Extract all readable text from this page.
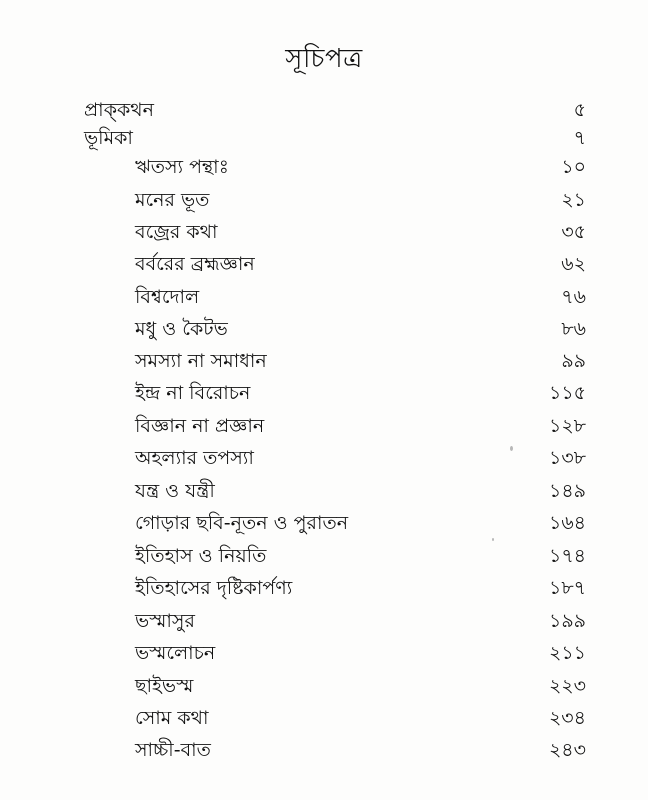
সূচিপত্র
প্রাক্‌কথন	৫
ভূমিকা	৭
ঋতস্য পন্থাঃ	১০
মনের ভূত	২১
বজ্রের কথা	৩৫
বর্বরের ব্রহ্মজ্ঞান	৬২
বিশ্বদোল	৭৬
মধু ও কৈটভ	৮৬
সমস্যা না সমাধান	৯৯
ইন্দ্র না বিরোচন	১১৫
বিজ্ঞান না প্রজ্ঞান	১২৮
অহল্যার তপস্যা	১৩৮
যন্ত্র ও যন্ত্রী	১৪৯
গোড়ার ছবি-নূতন ও পুরাতন	১৬৪
ইতিহাস ও নিয়তি	১৭৪
ইতিহাসের দৃষ্টিকার্পণ্য	১৮৭
ভস্মাসুর	১৯৯
ভস্মলোচন	২১১
ছাইভস্ম	২২৩
সোম কথা	২৩৪
সাচ্চী-বাত	২৪৩
